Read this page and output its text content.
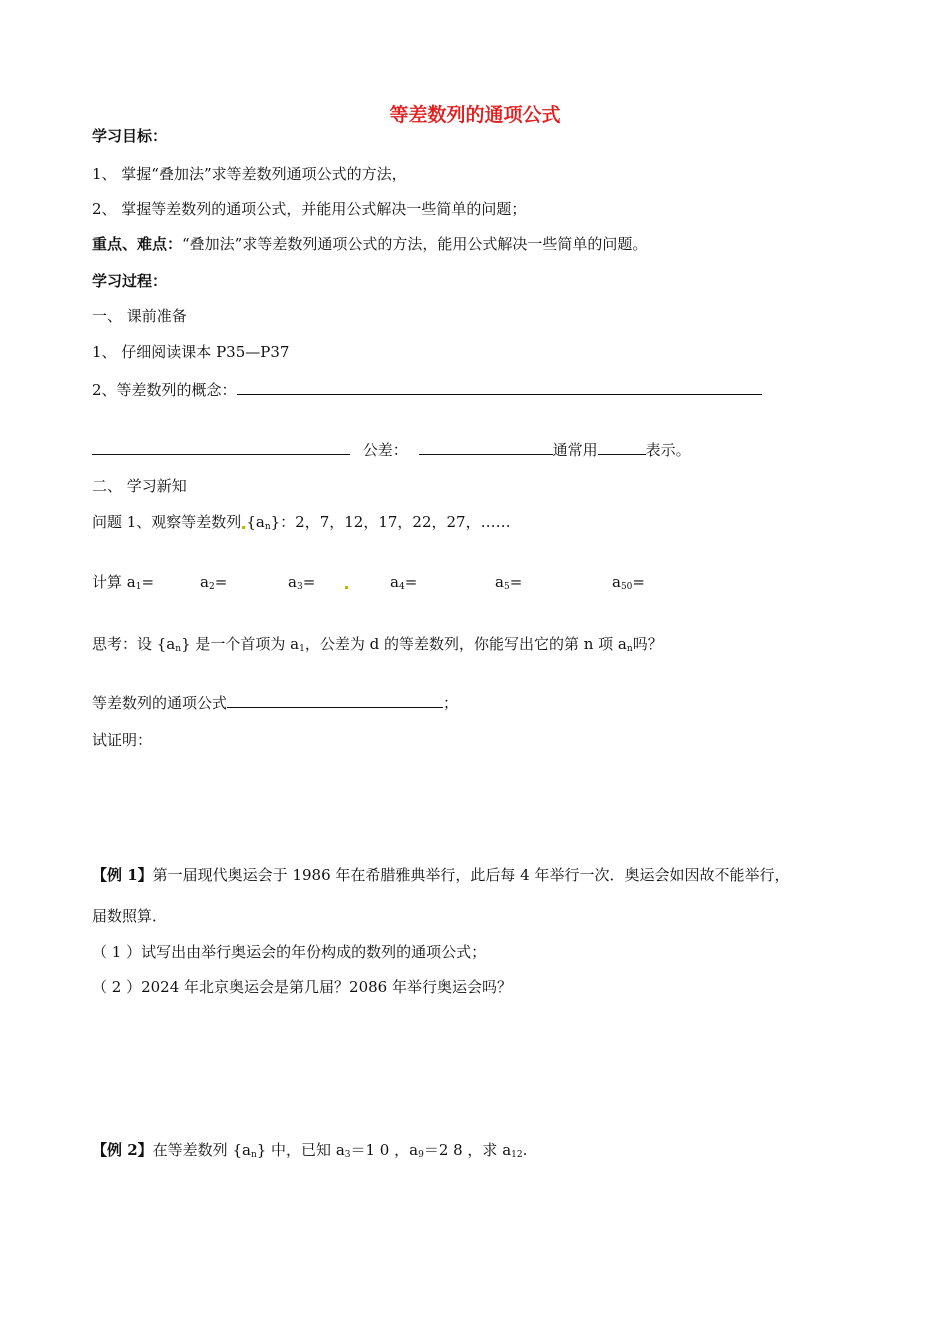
等差数列的通项公式
学习目标：
1、 掌握“叠加法”求等差数列通项公式的方法，
2、 掌握等差数列的通项公式，并能用公式解决一些简单的问题；
重点、难点：“叠加法”求等差数列通项公式的方法，能用公式解决一些简单的问题。
学习过程：
一、 课前准备
1、 仔细阅读课本 P35—P37
2、等差数列的概念：
公差：	通常用	表示。
二、 学习新知
问题 1、观察等差数列 $\{a_n\}$：2，7，12，17，22，27，……
计算 $a_1=$	$a_2=$	$a_3=$	$a_4=$	$a_5=$	$a_{50}=$
思考：设 $\{a_n\}$ 是一个首项为 $a_1$，公差为 d 的等差数列，你能写出它的第 n 项 $a_n$吗？
等差数列的通项公式	；
试证明：
【例 1】第一届现代奥运会于 1986 年在希腊雅典举行，此后每 4 年举行一次．奥运会如因故不能举行，
届数照算．
（ 1 ）试写出由举行奥运会的年份构成的数列的通项公式；
（ 2 ）2024 年北京奥运会是第几届？2086 年举行奥运会吗？
【例 2】在等差数列 $\{a_n\}$ 中，已知 $a_3=1$ 0 ，$a_9=2$ 8 ，求 $a_{12}$.
